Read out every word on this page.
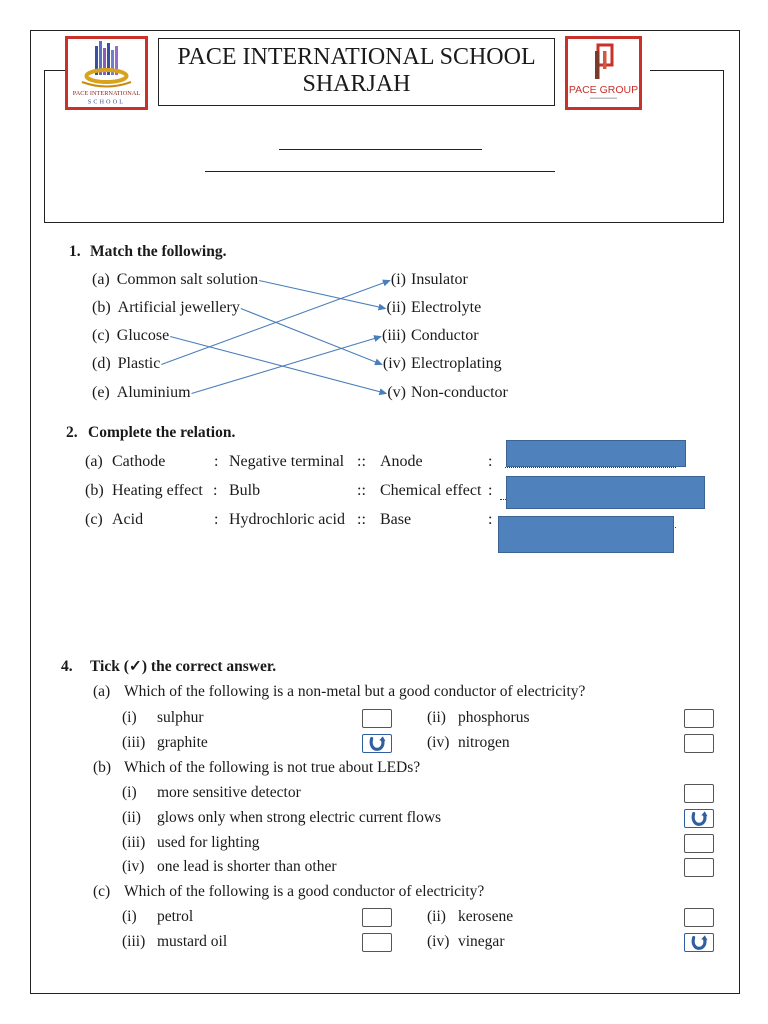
PACE INTERNATIONAL
SCHOOL
PACE INTERNATIONAL SCHOOL
SHARJAH	PACE GROUP
1. Match the following.
(a) Common salt solution
(b) Artificial jewellery
(c) Glucose
(d) Plastic
(e) Aluminium
(i) Insulator
(ii) Electrolyte
(iii) Conductor
(iv) Electroplating
(v) Non-conductor
2. Complete the relation.
(a) Cathode	: Negative terminal :: Anode	:
(b) Heating effect : Bulb	:: Chemical effect :
(c) Acid	: Hydrochloric acid :: Base	:
4. Tick (✓) the correct answer.
(a) Which of the following is a non-metal but a good conductor of electricity?
(i) sulphur	(ii) phosphorus
(iii) graphite	(iv) nitrogen
(b) Which of the following is not true about LEDs?
(i) more sensitive detector
(ii) glows only when strong electric current flows
(iii) used for lighting
(iv) one lead is shorter than other
(c) Which of the following is a good conductor of electricity?
(i) petrol	(ii) kerosene
(iii) mustard oil	(iv) vinegar
